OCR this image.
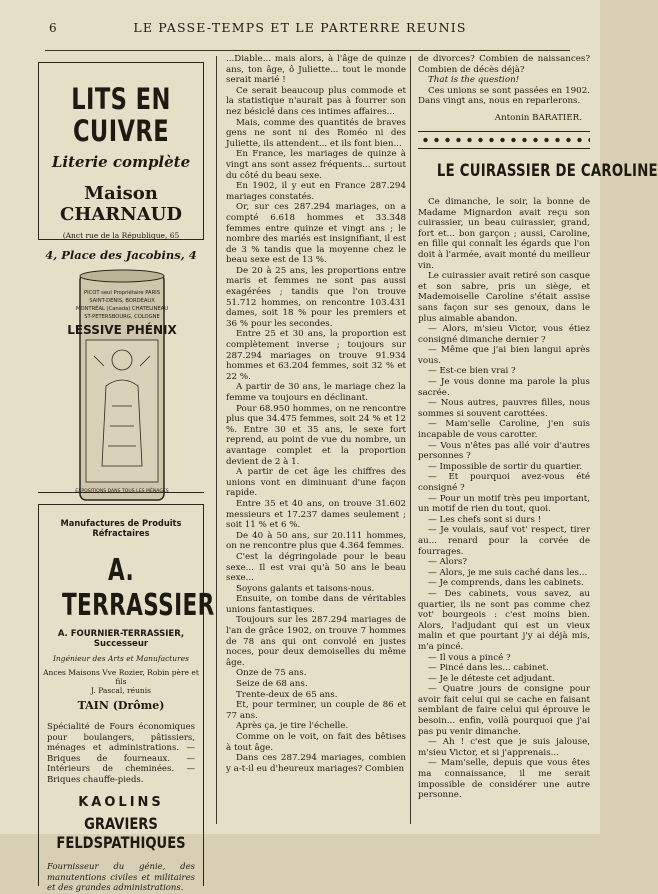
6	LE PASSE-TEMPS ET LE PARTERRE REUNIS
LITS EN CUIVRE
Literie complète
Maison CHARNAUD
(Anct rue de la République, 65
4, Place des Jacobins, 4
PICOT seul Propriétaire PARIS
SAINT-DENIS, BORDEAUX
MONTRÉAL (Canada) CHATELINEAU
ST-PETERSBOURG, COLOGNE
LESSIVE PHÉNIX
EXPOSITIONS DANS TOUS LES MÉNAGES
Manufactures de Produits Réfractaires
A. TERRASSIER
A. FOURNIER-TERRASSIER, Successeur
Ingénieur des Arts et Manufactures
Ances Maisons Vve Rozier, Robin père et fils
J. Pascal, réunis
TAIN (Drôme)
Spécialité de Fours économiques pour boulangers, pâtissiers, ménages et administrations. — Briques de fourneaux. — Intérieurs de cheminées. — Briques chauffe-pieds.
KAOLINS
GRAVIERS FELDSPATHIQUES
Fournisseur du génie, des manutentions civiles et militaires et des grandes administrations.

...Diable... mais alors, à l'âge de quinze ans, ton âge, ô Juliette... tout le monde serait marié !

Ce serait beaucoup plus commode et la statistique n'aurait pas à fourrer son nez bésiclé dans ces intimes affaires...

Mais, comme des quantités de braves gens ne sont ni des Roméo ni des Juliette, ils attendent... et ils font bien...

En France, les mariages de quinze à vingt ans sont assez fréquents... surtout du côté du beau sexe.

En 1902, il y eut en France 287.294 mariages constatés.

Or, sur ces 287.294 mariages, on a compté 6.618 hommes et 33.348 femmes entre quinze et vingt ans ; le nombre des mariés est insignifiant, il est de 3 % tandis que la moyenne chez le beau sexe est de 13 %.

De 20 à 25 ans, les proportions entre maris et femmes ne sont pas aussi exagérées ; tandis que l'on trouve 51.712 hommes, on rencontre 103.431 dames, soit 18 % pour les premiers et 36 % pour les secondes.

Entre 25 et 30 ans, la proportion est complètement inverse ; toujours sur 287.294 mariages on trouve 91.934 hommes et 63.204 femmes, soit 32 % et 22 %.

A partir de 30 ans, le mariage chez la femme va toujours en déclinant.

Pour 68.950 hommes, on ne rencontre plus que 34.475 femmes, soit 24 % et 12 %. Entre 30 et 35 ans, le sexe fort reprend, au point de vue du nombre, un avantage complet et la proportion devient de 2 à 1.

A partir de cet âge les chiffres des unions vont en diminuant d'une façon rapide.

Entre 35 et 40 ans, on trouve 31.602 messieurs et 17.237 dames seulement ; soit 11 % et 6 %.

De 40 à 50 ans, sur 20.111 hommes, on ne rencontre plus que 4.364 femmes.

C'est la dégringolade pour le beau sexe... Il est vrai qu'à 50 ans le beau sexe...

Soyons galants et taisons-nous.

Ensuite, on tombe dans de véritables unions fantastiques.

Toujours sur les 287.294 mariages de l'an de grâce 1902, on trouve 7 hommes de 78 ans qui ont convolé en justes noces, pour deux demoiselles du même âge.

Onze de 75 ans.

Seize de 68 ans.

Trente-deux de 65 ans.

Et, pour terminer, un couple de 86 et 77 ans.

Après ça, je tire l'échelle.

Comme on le voit, on fait des bêtises à tout âge.

Dans ces 287.294 mariages, combien y a-t-il eu d'heureux mariages? Combien

de divorces? Combien de naissances? Combien de décès déjà?

That is the question!

Ces unions se sont passées en 1902. Dans vingt ans, nous en reparlerons.

Antonin BARATIER.
LE CUIRASSIER DE CAROLINE

Ce dimanche, le soir, la bonne de Madame Mignardon avait reçu son cuirassier, un beau cuirassier, grand, fort et... bon garçon ; aussi, Caroline, en fille qui connaît les égards que l'on doit à l'armée, avait monté du meilleur vin.

Le cuirassier avait retiré son casque et son sabre, pris un siège, et Mademoiselle Caroline s'était assise sans façon sur ses genoux, dans le plus aimable abandon.

— Alors, m'sieu Victor, vous étiez consigné dimanche dernier ?

— Même que j'ai bien langui après vous.

— Est-ce bien vrai ?

— Je vous donne ma parole la plus sacrée.

— Nous autres, pauvres filles, nous sommes si souvent carottées.

— Mam'selle Caroline, j'en suis incapable de vous carotter.

— Vous n'êtes pas allé voir d'autres personnes ?

— Impossible de sortir du quartier.

— Et pourquoi avez-vous été consigné ?

— Pour un motif très peu important, un motif de rien du tout, quoi.

— Les chefs sont si durs !

— Je voulais, sauf vot' respect, tirer au... renard pour la corvée de fourrages.

— Alors?

— Alors, je me suis caché dans les...

— Je comprends, dans les cabinets.

— Des cabinets, vous savez, au quartier, ils ne sont pas comme chez vot' bourgeois : c'est moins bien. Alors, l'adjudant qui est un vieux malin et que pourtant j'y ai déjà mis, m'a pincé.

— Il vous a pincé ?

— Pincé dans les... cabinet.

— Je le déteste cet adjudant.

— Quatre jours de consigne pour avoir fait celui qui se cache en faisant semblant de faire celui qui éprouve le besoin... enfin, voilà pourquoi que j'ai pas pu venir dimanche.

— Ah ! c'est que je suis jalouse, m'sieu Victor, et si j'apprenais...

— Mam'selle, depuis que vous êtes ma connaissance, il me serait impossible de considérer une autre personne.
